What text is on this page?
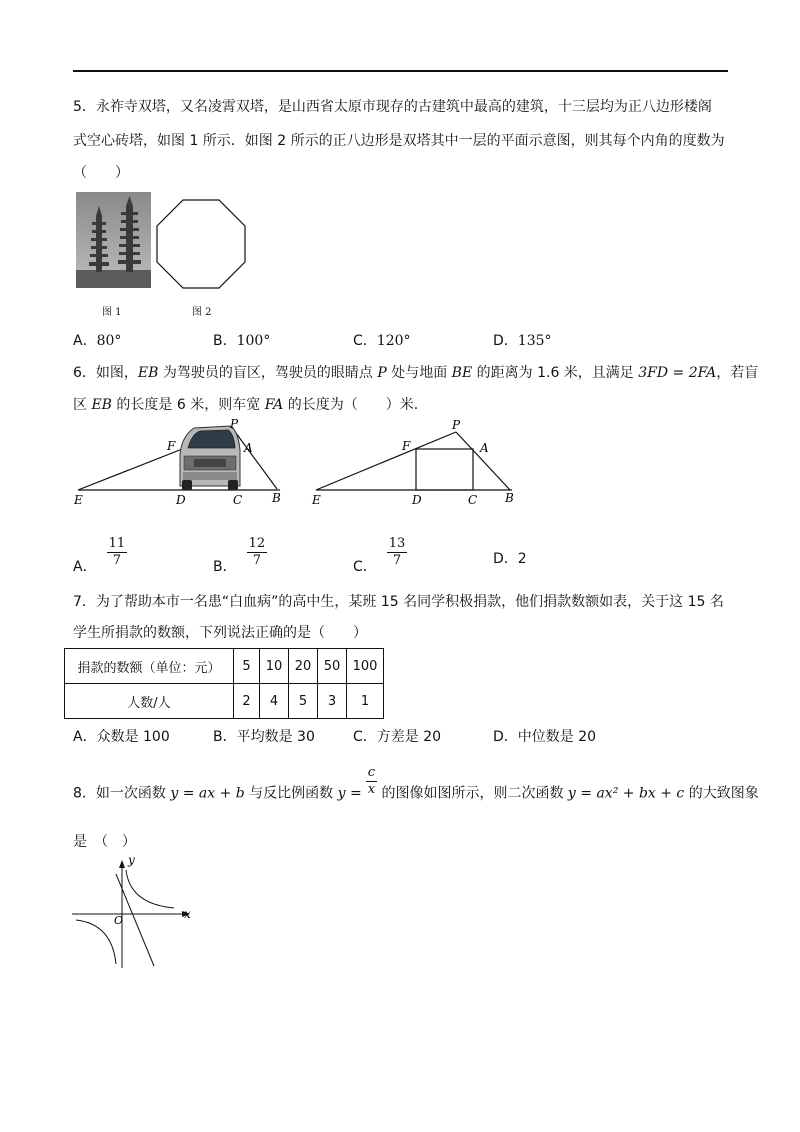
5．永祚寺双塔，又名凌霄双塔，是山西省太原市现存的古建筑中最高的建筑，十三层均为正八边形楼阁
式空心砖塔，如图 1 所示．如图 2 所示的正八边形是双塔其中一层的平面示意图，则其每个内角的度数为
（　　）
图 1	图 2
A．80°	B．100°	C．120°	D．135°
6．如图，EB 为驾驶员的盲区，驾驶员的眼睛点 P 处与地面 BE 的距离为 1.6 米，且满足 3FD = 2FA，若盲
区 EB 的长度是 6 米，则车宽 FA 的长度为（　　）米.
F
P
A
E	D	C B
F
P
A
E	D	C B
A． $\frac{11}{7}$	B． $\frac{12}{7}$	C． $\frac{13}{7}$	D．2
7．为了帮助本市一名患“白血病”的高中生，某班 15 名同学积极捐款，他们捐款数额如表，关于这 15 名
学生所捐款的数额，下列说法正确的是（　　）
捐款的数额（单位：元）	5	10	20	50	100
人数/人	2	4	5	3	1
A．众数是 100	B．平均数是 30	C．方差是 20	D．中位数是 20
8．如一次函数 y = ax + b 与反比例函数 $y = \frac{c}{x}$ 的图像如图所示，则二次函数 y = ax² + bx + c 的大致图象
是　（　）
x
y
O
